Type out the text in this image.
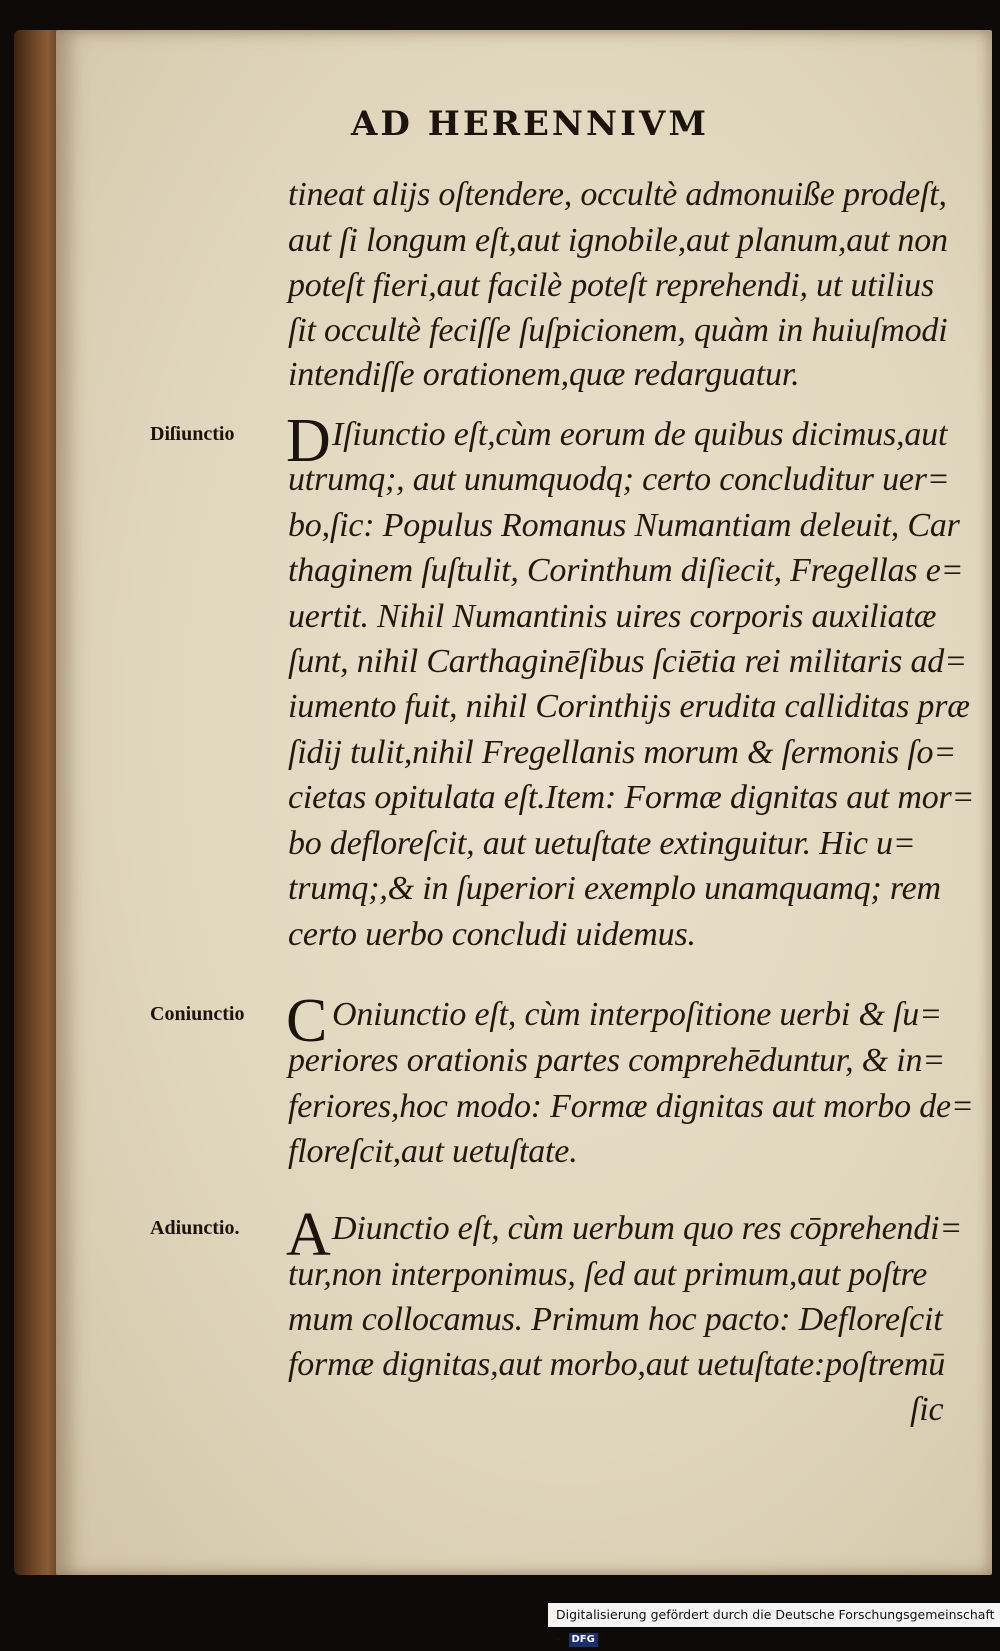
AD HERENNIVM
tineat alijs oſtendere, occultè admonuiße prodeſt,
aut ſi longum eſt,aut ignobile,aut planum,aut non
poteſt fieri,aut facilè poteſt reprehendi, ut utilius
ſit occultè feciſſe ſuſpicionem, quàm in huiuſmodi
intendiſſe orationem,quæ redarguatur.
Diſiunctio D Iſiunctio eſt,cùm eorum de quibus dicimus,aut
utrumq;, aut unumquodq; certo concluditur uer=
bo,ſic: Populus Romanus Numantiam deleuit, Car
thaginem ſuſtulit, Corinthum diſiecit, Fregellas e=
uertit. Nihil Numantinis uires corporis auxiliatæ
ſunt, nihil Carthaginēſibus ſciētia rei militaris ad=
iumento fuit, nihil Corinthijs erudita calliditas præ
ſidij tulit,nihil Fregellanis morum & ſermonis ſo=
cietas opitulata eſt.Item: Formæ dignitas aut mor=
bo defloreſcit, aut uetuſtate extinguitur. Hic u=
trumq;,& in ſuperiori exemplo unamquamq; rem
certo uerbo concludi uidemus.
Coniunctio C Oniunctio eſt, cùm interpoſitione uerbi & ſu=
periores orationis partes comprehēduntur, & in=
feriores,hoc modo: Formæ dignitas aut morbo de=
floreſcit,aut uetuſtate.
Adiunctio. A Diunctio eſt, cùm uerbum quo res cōprehendi=
tur,non interponimus, ſed aut primum,aut poſtre
mum collocamus. Primum hoc pacto: Defloreſcit
formæ dignitas,aut morbo,aut uetuſtate:poſtremū
ſic
Digitalisierung gefördert durch die Deutsche Forschungsgemeinschaft - DFG
